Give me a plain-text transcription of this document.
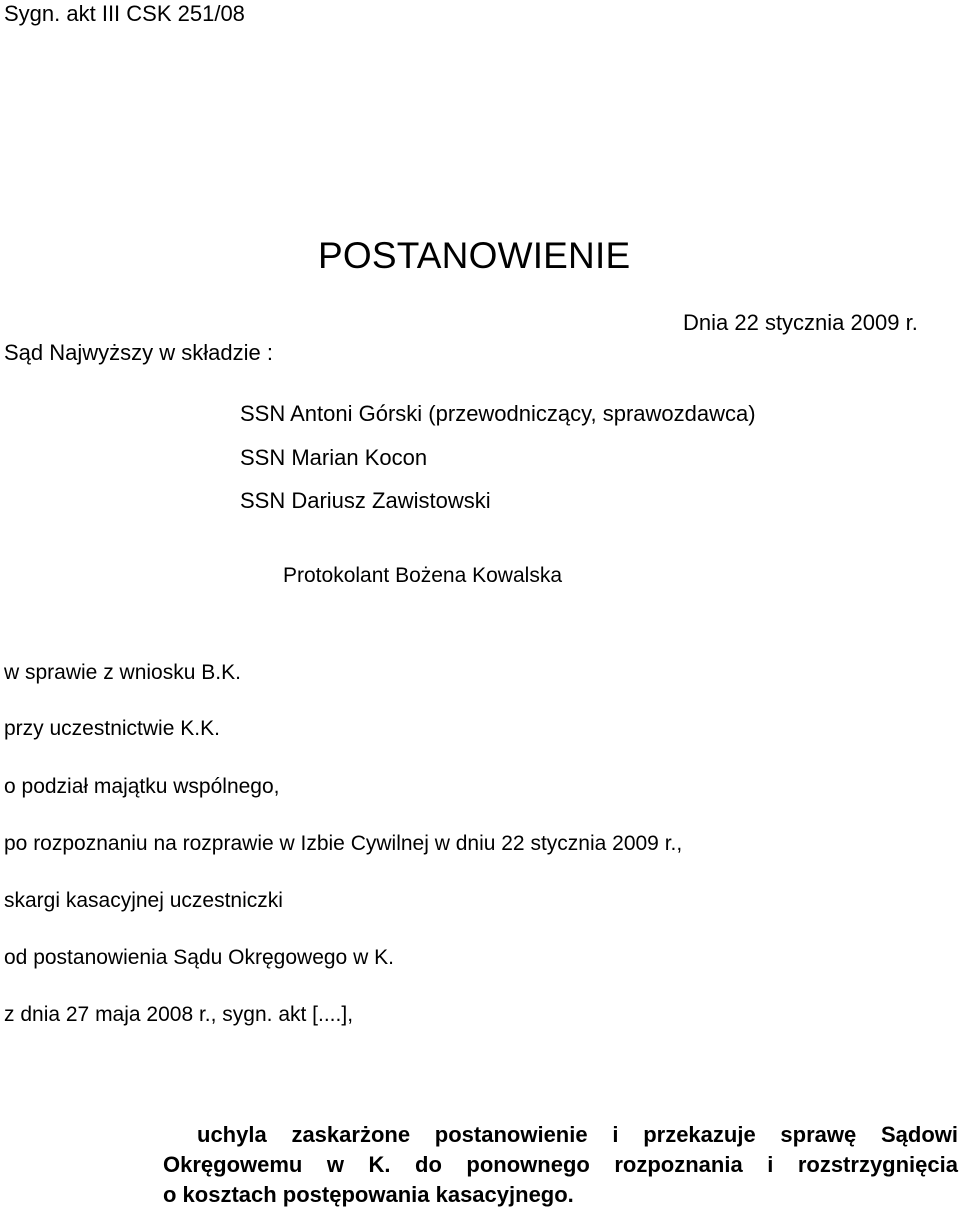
Sygn. akt III CSK 251/08
POSTANOWIENIE
Dnia 22 stycznia 2009 r.
Sąd Najwyższy w składzie :
SSN Antoni Górski (przewodniczący, sprawozdawca)
SSN Marian Kocon
SSN Dariusz Zawistowski
Protokolant Bożena Kowalska
w sprawie z wniosku B.K.
przy uczestnictwie K.K.
o podział majątku wspólnego,
po rozpoznaniu na rozprawie w Izbie Cywilnej w dniu 22 stycznia 2009 r.,
skargi kasacyjnej uczestniczki
od postanowienia Sądu Okręgowego w K.
z dnia 27 maja 2008 r., sygn. akt [....],
uchyla zaskarżone postanowienie i przekazuje sprawę Sądowi
Okręgowemu w K. do ponownego rozpoznania i rozstrzygnięcia
o kosztach postępowania kasacyjnego.
